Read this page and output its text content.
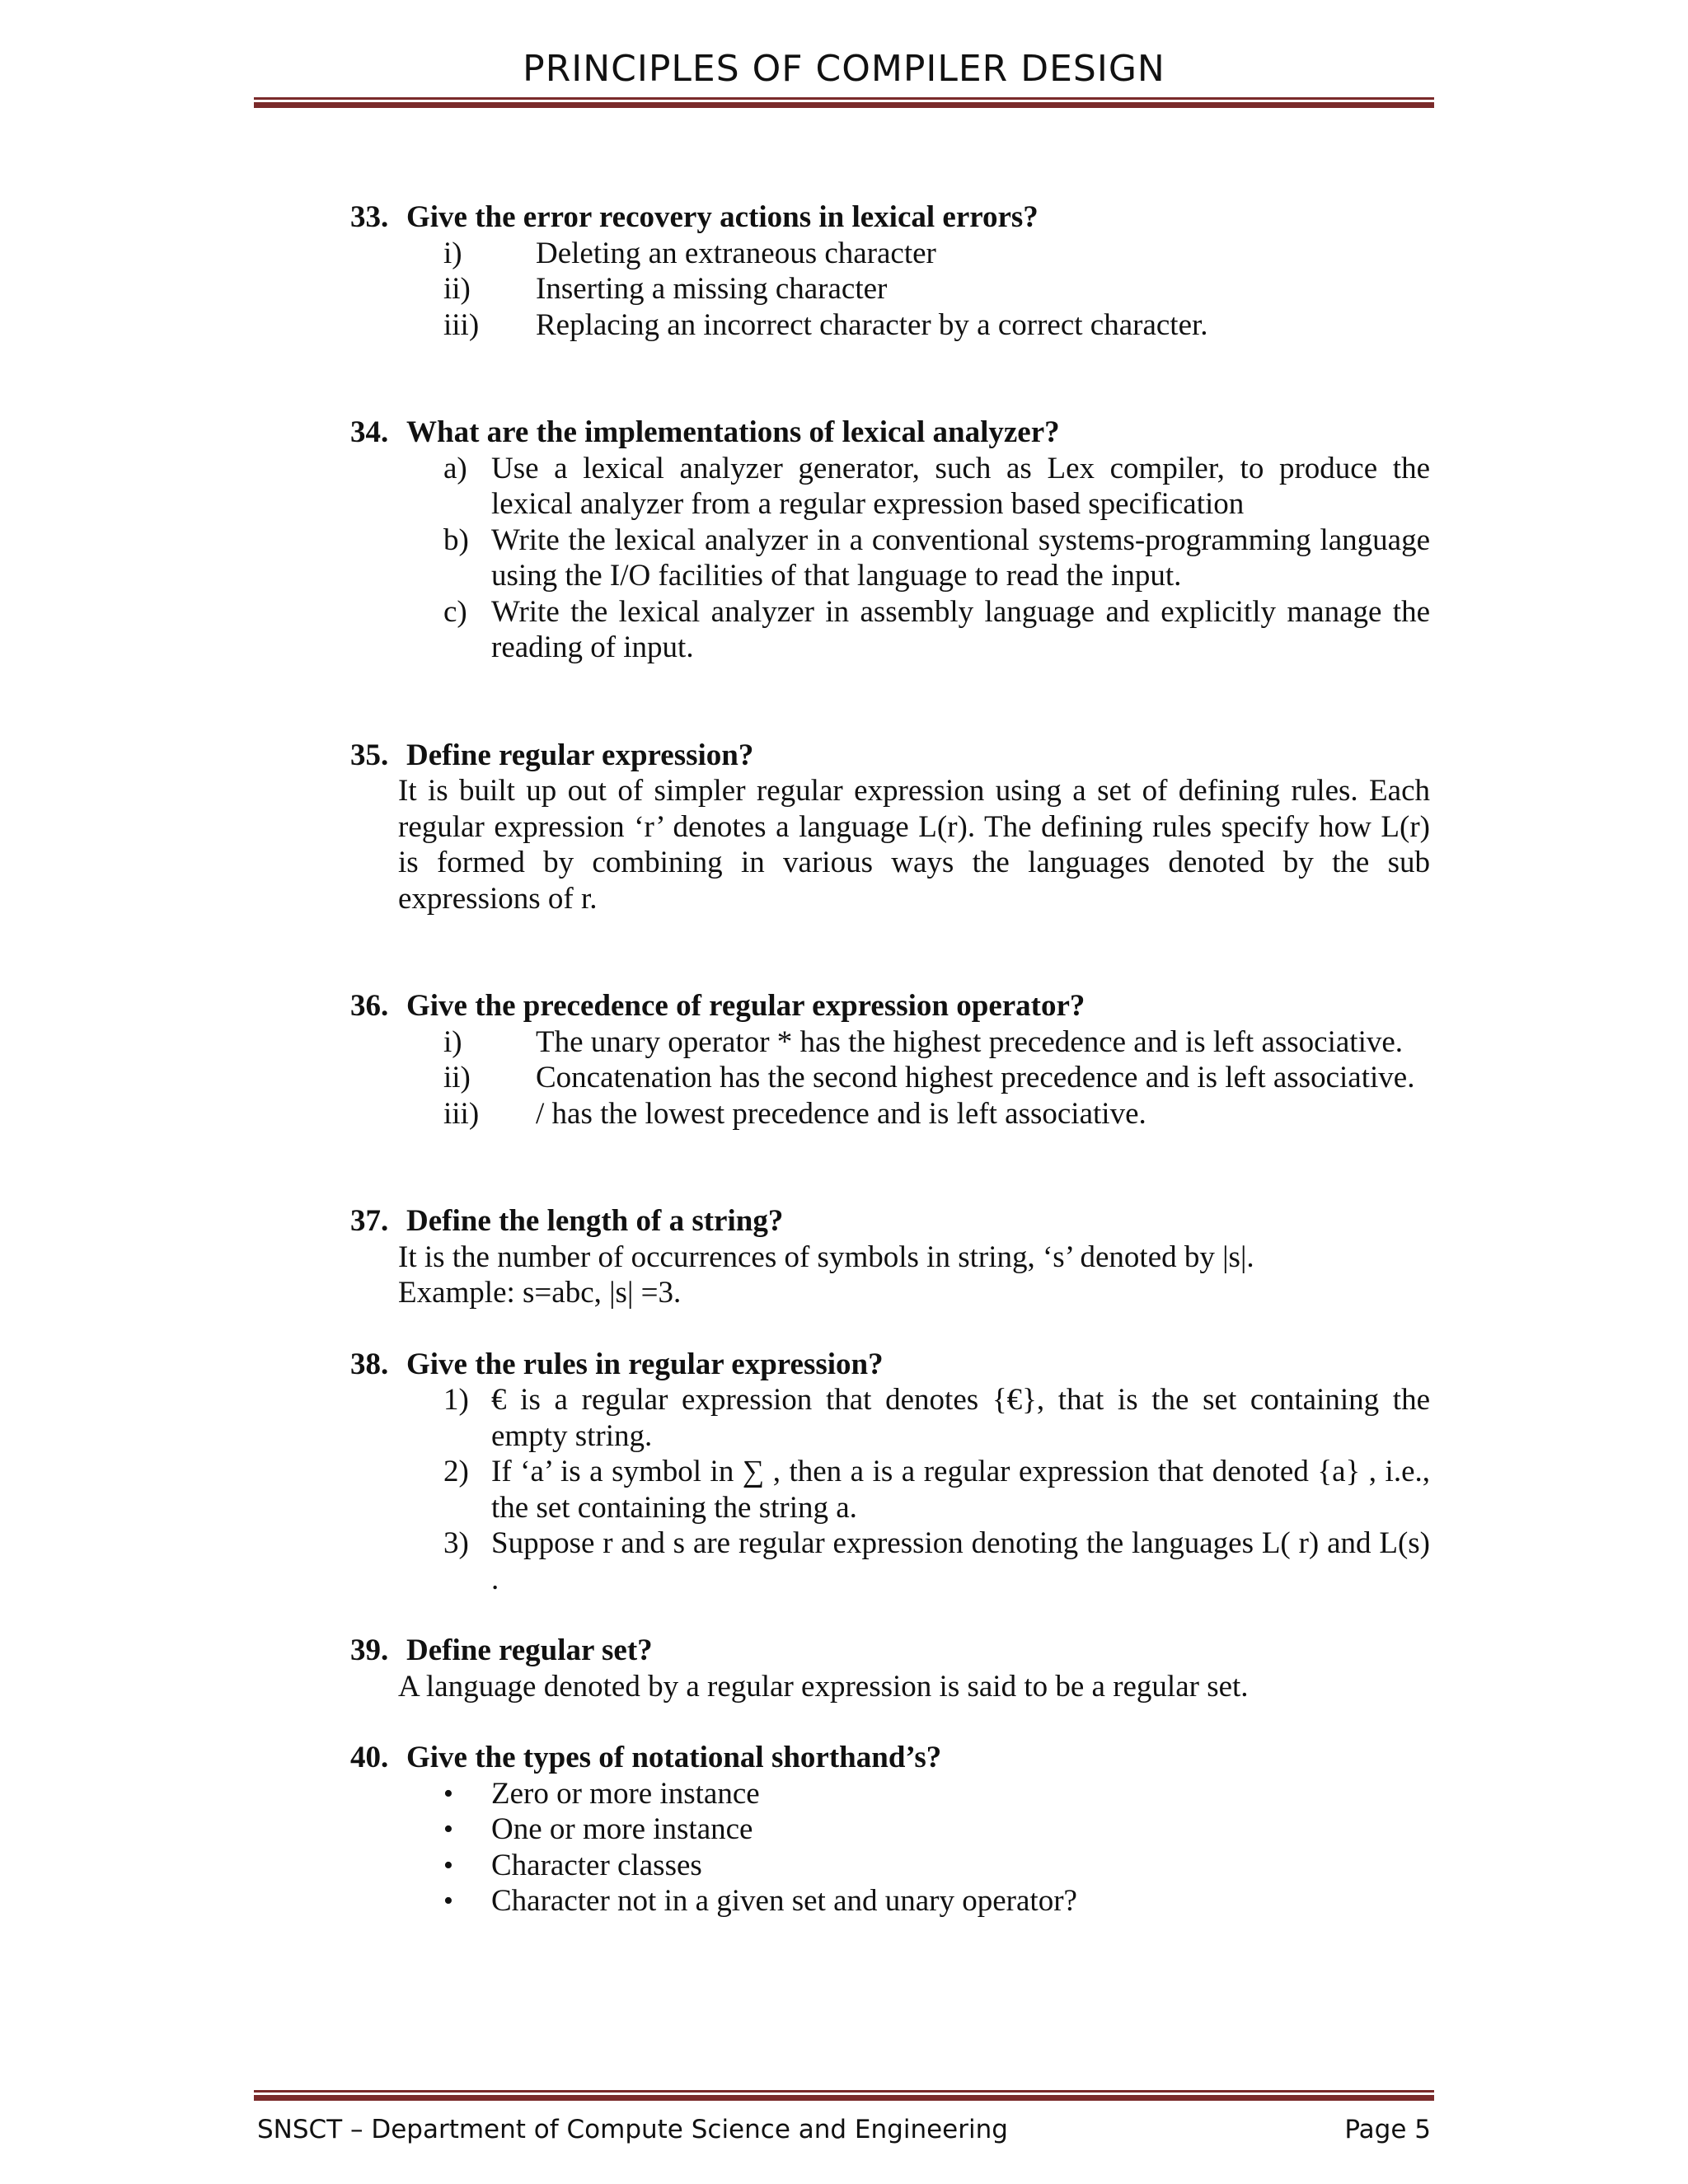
PRINCIPLES OF COMPILER DESIGN
33. Give the error recovery actions in lexical errors?
i)	Deleting an extraneous character
ii)	Inserting a missing character
iii)	Replacing an incorrect character by a correct character.
34. What are the implementations of lexical analyzer?
a) Use a lexical analyzer generator, such as Lex compiler, to produce the lexical analyzer from a regular expression based specification
b) Write the lexical analyzer in a conventional systems-programming language using the I/O facilities of that language to read the input.
c) Write the lexical analyzer in assembly language and explicitly manage the reading of input.
35. Define regular expression?
It is built up out of simpler regular expression using a set of defining rules. Each regular expression ‘r’ denotes a language L(r). The defining rules specify how L(r) is formed by combining in various ways the languages denoted by the sub expressions of r.
36. Give the precedence of regular expression operator?
i)	The unary operator * has the highest precedence and is left associative.
ii)	Concatenation has the second highest precedence and is left associative.
iii)	/ has the lowest precedence and is left associative.
37. Define the length of a string?
It is the number of occurrences of symbols in string, ‘s’ denoted by |s|.
Example: s=abc, |s| =3.
38. Give the rules in regular expression?
1) € is a regular expression that denotes {€}, that is the set containing the empty string.
2) If ‘a’ is a symbol in ∑ , then a is a regular expression that denoted {a} , i.e., the set containing the string a.
3) Suppose r and s are regular expression denoting the languages L( r) and L(s) .
39. Define regular set?
A language denoted by a regular expression is said to be a regular set.
40. Give the types of notational shorthand’s?
•	Zero or more instance
•	One or more instance
•	Character classes
•	Character not in a given set and unary operator?
SNSCT – Department of Compute Science and Engineering	Page 5
